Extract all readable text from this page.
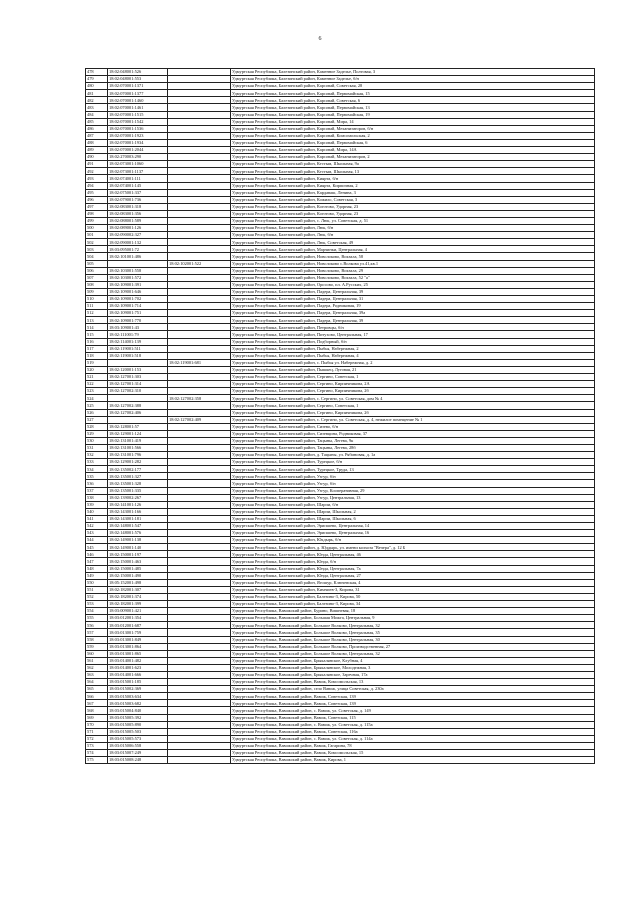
6
478	18:02:048001:526		Удмуртская Республика, Балезинский район, Каменное Заделье, Полтовая, 3
479	18:02:048001:553		Удмуртская Республика, Балезинский район, Каменное Заделье, б/н
480	18:02:070001:1371		Удмуртская Республика, Балезинский район, Карсовай, Советская, 28
481	18:02:070001:1377		Удмуртская Республика, Балезинский район, Карсовай, Первомайская, 15
482	18:02:070001:1460		Удмуртская Республика, Балезинский район, Карсовай, Советская, 6
483	18:02:070001:1461		Удмуртская Республика, Балезинский район, Карсовай, Первомайская, 13
484	18:02:070001:1515		Удмуртская Республика, Балезинский район, Карсовай, Первомайская, 19
485	18:02:070001:1542		Удмуртская Республика, Балезинский район, Карсовай, Мира, 14
486	18:02:070001:1536		Удмуртская Республика, Балезинский район, Карсовай, Механизаторов, б/н
487	18:02:070001:1923		Удмуртская Республика, Балезинский район, Карсовай, Комсомольская, 2
488	18:02:070001:1934		Удмуртская Республика, Балезинский район, Карсовай, Первомайская, 6
489	18:02:070001:2044		Удмуртская Республика, Балезинский район, Карсовай, Мира, 14А
490	18:02:270003:290		Удмуртская Республика, Балезинский район, Карсовай, Механизаторов, 2
491	18:02:073001:1060		Удмуртская Республика, Балезинский район, Кестым, Школьная, 9а
492	18:02:073001:1137		Удмуртская Республика, Балезинский район, Кестым, Школьная, 13
493	18:02:074001:111		Удмуртская Республика, Балезинский район, Киярта, б/н
494	18:02:074001:145		Удмуртская Республика, Балезинский район, Киярта, Кирпичная, 2
495	18:02:075001:337		Удмуртская Республика, Балезинский район, Кардаваш, Ленина, 3
496	18:02:079001:736		Удмуртская Республика, Балезинский район, Кожило, Советская, 3
497	18:02:083001:318		Удмуртская Республика, Балезинский район, Коготово, Удорная, 23
498	18:02:083001:356		Удмуртская Республика, Балезинский район, Коготово, Удорная, 23
499	18:02:088001:589		Удмуртская Республика, Балезинский район, с. Люк, ул. Советская, д. 51
500	18:02:089001:126		Удмуртская Республика, Балезинский район, Люк, б/н
501	18:02:090002:327		Удмуртская Республика, Балезинский район, Люк, б/н
502	18:02:090001:132		Удмуртская Республика, Балезинский район, Люк, Советская, 49
503	18:03:095001:72		Удмуртская Республика, Балезинский район, Марчинки, Центральная, 4
504	18:02:101001:486		Удмуртская Республика, Балезинский район, Новолоково, Вокзала, 58
505		18:02:102001:522	Удмуртская Республика, Балезинский район, Новолоково с.Волкова ул.41,кв.1
506	18:02:103001:558		Удмуртская Республика, Балезинский район, Новолоково, Вокзала, 29
507	18:02:103001:572		Удмуртская Республика, Балезинский район, Новолоково, Вокзала, 52 "а"
508	18:02:109001:391		Удмуртская Республика, Балезинский район, Оросово, пл. А.Русских, 25
509	18:02:109001:646		Удмуртская Республика, Балезинский район, Падера, Центральная, 39
510	18:02:109001:702		Удмуртская Республика, Балезинский район, Падера, Центральная, 31
511	18:02:109001:714		Удмуртская Республика, Балезинский район, Падера, Родниковая, 19
512	18:02:109001:751		Удмуртская Республика, Балезинский район, Падера, Центральная, 39а
513	18:02:109001:770		Удмуртская Республика, Балезинский район, Падера, Центральная, 39
514	18:03:109001:43		Удмуртская Республика, Балезинский район, Петровцы, б/н
515	18:02:111001:79		Удмуртская Республика, Балезинский район, Питухово, Центральная, 17
516	18:02:114001:139		Удмуртская Республика, Балезинский район, Подборный, б/н
517	18:02:119001:511		Удмуртская Республика, Балезинский район, Пыбья, Набережная, 2
518	18:02:119001:518		Удмуртская Республика, Балезинский район, Пыбья, Набережная, 4
519		18:02:119001:681	Удмуртская Республика, Балезинский район, с. Пыбья ул. Набережная, д. 2
520	18:02:120001:153		Удмуртская Республика, Балезинский район, Пышкец, Луговая, 21
521	18:02:127001:303		Удмуртская Республика, Балезинский район, Сергино, Советская, 1
522	18:02:127001:314		Удмуртская Республика, Балезинский район, Сергино, Кирпичникова, 2А
523	18:02:127002:310		Удмуртская Республика, Балезинский район, Сергино, Кирпичникова, 2б
524		18:02:127002:358	Удмуртская Республика, Балезинский район, с. Сергино, ул. Советская, дом № 4
525	18:02:127002:388		Удмуртская Республика, Балезинский район, Сергино, Советская, 1
526	18:02:127002:406		Удмуртская Республика, Балезинский район, Сергино, Кирпичникова, 2б
527		18:02:127002:409	Удмуртская Республика, Балезинский район, с. Сергино, ул. Советская, д. 4, нежилое помещение № 1
528	18:02:128001:57		Удмуртская Республика, Балезинский район, Сизево, б/н
529	18:02:129001:124		Удмуртская Республика, Балезинский район, Сизевцина, Родниковая, 37
530	18:02:131001:419		Удмуртская Республика, Балезинский район, Тацыны, Легева, 9к
531	18:02:131001:566		Удмуртская Республика, Балезинский район, Тацыны, Легева, 28б
532	18:02:131001:796		Удмуртская Республика, Балезинский район, д. Тацыны, ул. Рябиновая, д. 1а
533	18:02:129001:282		Удмуртская Республика, Балезинский район, Турецкое, б/н
534	18:02:135002:177		Удмуртская Республика, Балезинский район, Турецкое, Труда, 13
535	18:02:135001:327		Удмуртская Республика, Балезинский район, Узгур, б/н
536	18:02:135001:328		Удмуртская Республика, Балезинский район, Узгур, б/н
537	18:02:135001:335		Удмуртская Республика, Балезинский район, Узгур, Кооперативная, 29
538	18:02:139002:267		Удмуртская Республика, Балезинский район, Узгур, Центральная, 13
539	18:02:141001:126		Удмуртская Республика, Балезинский район, Шарпи, б/н
540	18:02:143001:166		Удмуртская Республика, Балезинский район, Шарпи, Школьная, 2
541	18:02:143001:181		Удмуртская Республика, Балезинский район, Шарпи, Школьная, 6
542	18:02:148001:547		Удмуртская Республика, Балезинский район, Эрипшево, Центральная, 14
543	18:02:148001:576		Удмуртская Республика, Балезинский район, Эрипшево, Центральная, 16
544	18:02:149001:138		Удмуртская Республика, Балезинский район, Юкдырь, б/н
545	18:02:149001:140		Удмуртская Республика, Балезинский район, д. Юддырь, ул. имени колхоза "Вечера", д. 12 Б
546	18:02:150001:197		Удмуртская Республика, Балезинский район, Юнда, Центральная, 46
547	18:02:150001:463		Удмуртская Республика, Балезинский район, Юнда, б/н
548	18:02:150001:485		Удмуртская Республика, Балезинский район, Юнда, Центральная, 7а
549	18:02:150001:490		Удмуртская Республика, Балезинский район, Юнда, Центральная, 27
550	18:05:152001:498		Удмуртская Республика, Балезинский район, Ягошур, Ключевская, 4
551	18:02:182001:307		Удмуртская Республика, Балезинский район, Кимчиев-3, Кирова, 31
552	18:02:182001:374		Удмуртская Республика, Балезинский район, Балезино-3, Кирова, 50
553	18:02:182001:399		Удмуртская Республика, Балезинский район, Балезино-3, Кирова, 34
554	18:03:009001:421		Удмуртская Республика, Вавожский район, Бурино, Вишневая, 18
555	18:03:012001:354		Удмуртская Республика, Вавожский район, Большая Можга, Центральная, 9
556	18:03:012001:687		Удмуртская Республика, Вавожский район, Большое Волково, Центральная, 32
557	18:03:013001:759		Удмуртская Республика, Вавожский район, Большое Волково, Центральная, 35
558	18:03:013001:849		Удмуртская Республика, Вавожский район, Большое Волково, Центральная, 30
559	18:03:013001:864		Удмуртская Республика, Вавожский район, Большое Волково, Производственная, 27
560	18:03:013001:865		Удмуртская Республика, Вавожский район, Большое Волково, Центральная, 32
561	18:03:014001:482		Удмуртская Республика, Вавожский район, Брыкалянское, Клубная, 4
562	18:03:014001:623		Удмуртская Республика, Вавожский район, Брыкалянское, Молодежная, 3
563	18:03:014001:666		Удмуртская Республика, Вавожский район, Брыкалянское, Заречная, 17а
564	18:03:015001:185		Удмуртская Республика, Вавожский район, Вавож, Комсомольская, 13
565	18:03:015002:369		Удмуртская Республика, Вавожский район, село Вавож, улица Советская, д. 230а
566	18:03:015003:634		Удмуртская Республика, Вавожский район, Вавож, Советская, 139
567	18:03:015003:682		Удмуртская Республика, Вавожский район, Вавож, Советская, 139
568	18:03:015004:840		Удмуртская Республика, Вавожский район, с. Вавож, ул. Советская, д. 149
569	18:03:015005:392		Удмуртская Республика, Вавожский район, Вавож, Советская, 115
570	18:03:015005:890		Удмуртская Республика, Вавожский район, с. Вавож, ул. Советская, д. 115а
571	18:03:015005:503		Удмуртская Республика, Вавожский район, Вавож, Советская, 116а
572	18:03:015005:573		Удмуртская Республика, Вавожский район, с. Вавож, ул. Советская, д. 114а
573	18:03:015006:558		Удмуртская Республика, Вавожский район, Вавож, Гагарина, 78
574	18:03:015007:249		Удмуртская Республика, Вавожский район, Вавож, Комсомольская, 15
575	18:03:015008:248		Удмуртская Республика, Вавожский район, Вавож, Кирова, 1
